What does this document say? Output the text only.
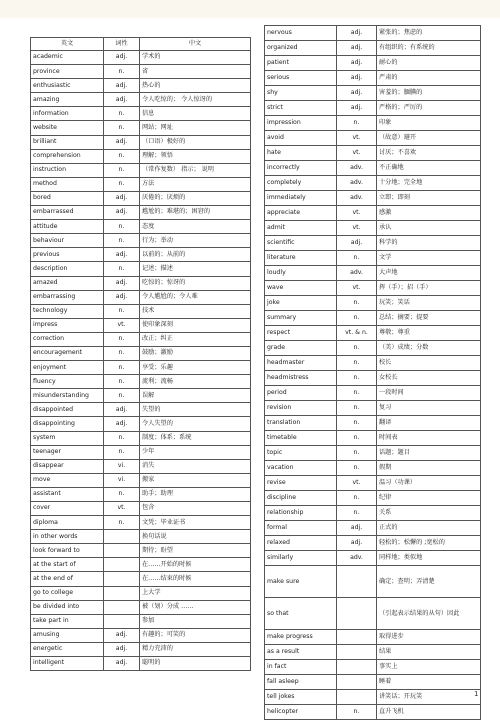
英文	词性	中文
academic	adj.	学术的
province	n.	省
enthusiastic	adj.	热心的
amazing	adj.	令人吃惊的； 令人惊讶的
information	n.	信息
website	n.	网站；网址
brilliant	adj.	（口语）极好的
comprehension	n.	理解；领悟
instruction	n.	（常作复数） 指示； 说明
method	n.	方法
bored	adj.	厌倦的；厌烦的
embarrassed	adj.	尴尬的；难堪的；困窘的
attitude	n.	态度
behaviour	n.	行为；举动
previous	adj.	以前的；从前的
description	n.	记述；描述
amazed	adj.	吃惊的；惊讶的
embarrassing	adj.	令人尴尬的；令人难
technology	n.	技术
impress	vt.	使印象深刻
correction	n.	改正；纠正
encouragement	n.	鼓励；激励
enjoyment	n.	享受；乐趣
fluency	n.	流利；流畅
misunderstanding	n.	误解
disappointed	adj.	失望的
disappointing	adj.	令人失望的
system	n.	制度；体系；系统
teenager	n.	少年
disappear	vi.	消失
move	vi.	搬家
assistant	n.	助手；助理
cover	vt.	包含
diploma	n.	文凭；毕业证书
in other words		换句话说
look forward to		期待；盼望
at the start of		在……开始的时候
at the end of		在……结束的时候
go to college		上大学
be divided into		被（划）分成 ……
take part in		参加
amusing	adj.	有趣的；可笑的
energetic	adj.	精力充沛的
intelligent	adj.	聪明的
nervous	adj.	紧张的；焦虑的
organized	adj.	有组织的；有系统的
patient	adj.	耐心的
serious	adj.	严肃的
shy	adj.	害羞的；腼腆的
strict	adj.	严格的；严厉的
impression	n.	印象
avoid	vt.	（故意）避开
hate	vt.	讨厌；不喜欢
incorrectly	adv.	不正确地
completely	adv.	十分地；完全地
immediately	adv.	立即；即刻
appreciate	vt.	感激
admit	vt.	承认
scientific	adj.	科学的
literature	n.	文学
loudly	adv.	大声地
wave	vt.	挥（手）；招（手）
joke	n.	玩笑；笑话
summary	n.	总结；摘要；提要
respect	vt. & n.	尊敬；尊重
grade	n.	（美）成绩；分数
headmaster	n.	校长
headmistress	n.	女校长
period	n.	一段时间
revision	n.	复习
translation	n.	翻译
timetable	n.	时间表
topic	n.	话题；题目
vacation	n.	假期
revise	vt.	温习（功课）
discipline	n.	纪律
relationship	n.	关系
formal	adj.	正式的
relaxed	adj.	轻松的；松懈的 ;宽松的
similarly	adv.	同样地；类似地
make sure		确定；查明；弄清楚
so that		（引起表示结果的从句）因此
make progress		取得进步
as a result		结果
in fact		事实上
fall asleep		睡着
tell jokes		讲笑话；开玩笑
helicopter	n.	直升飞机
1
